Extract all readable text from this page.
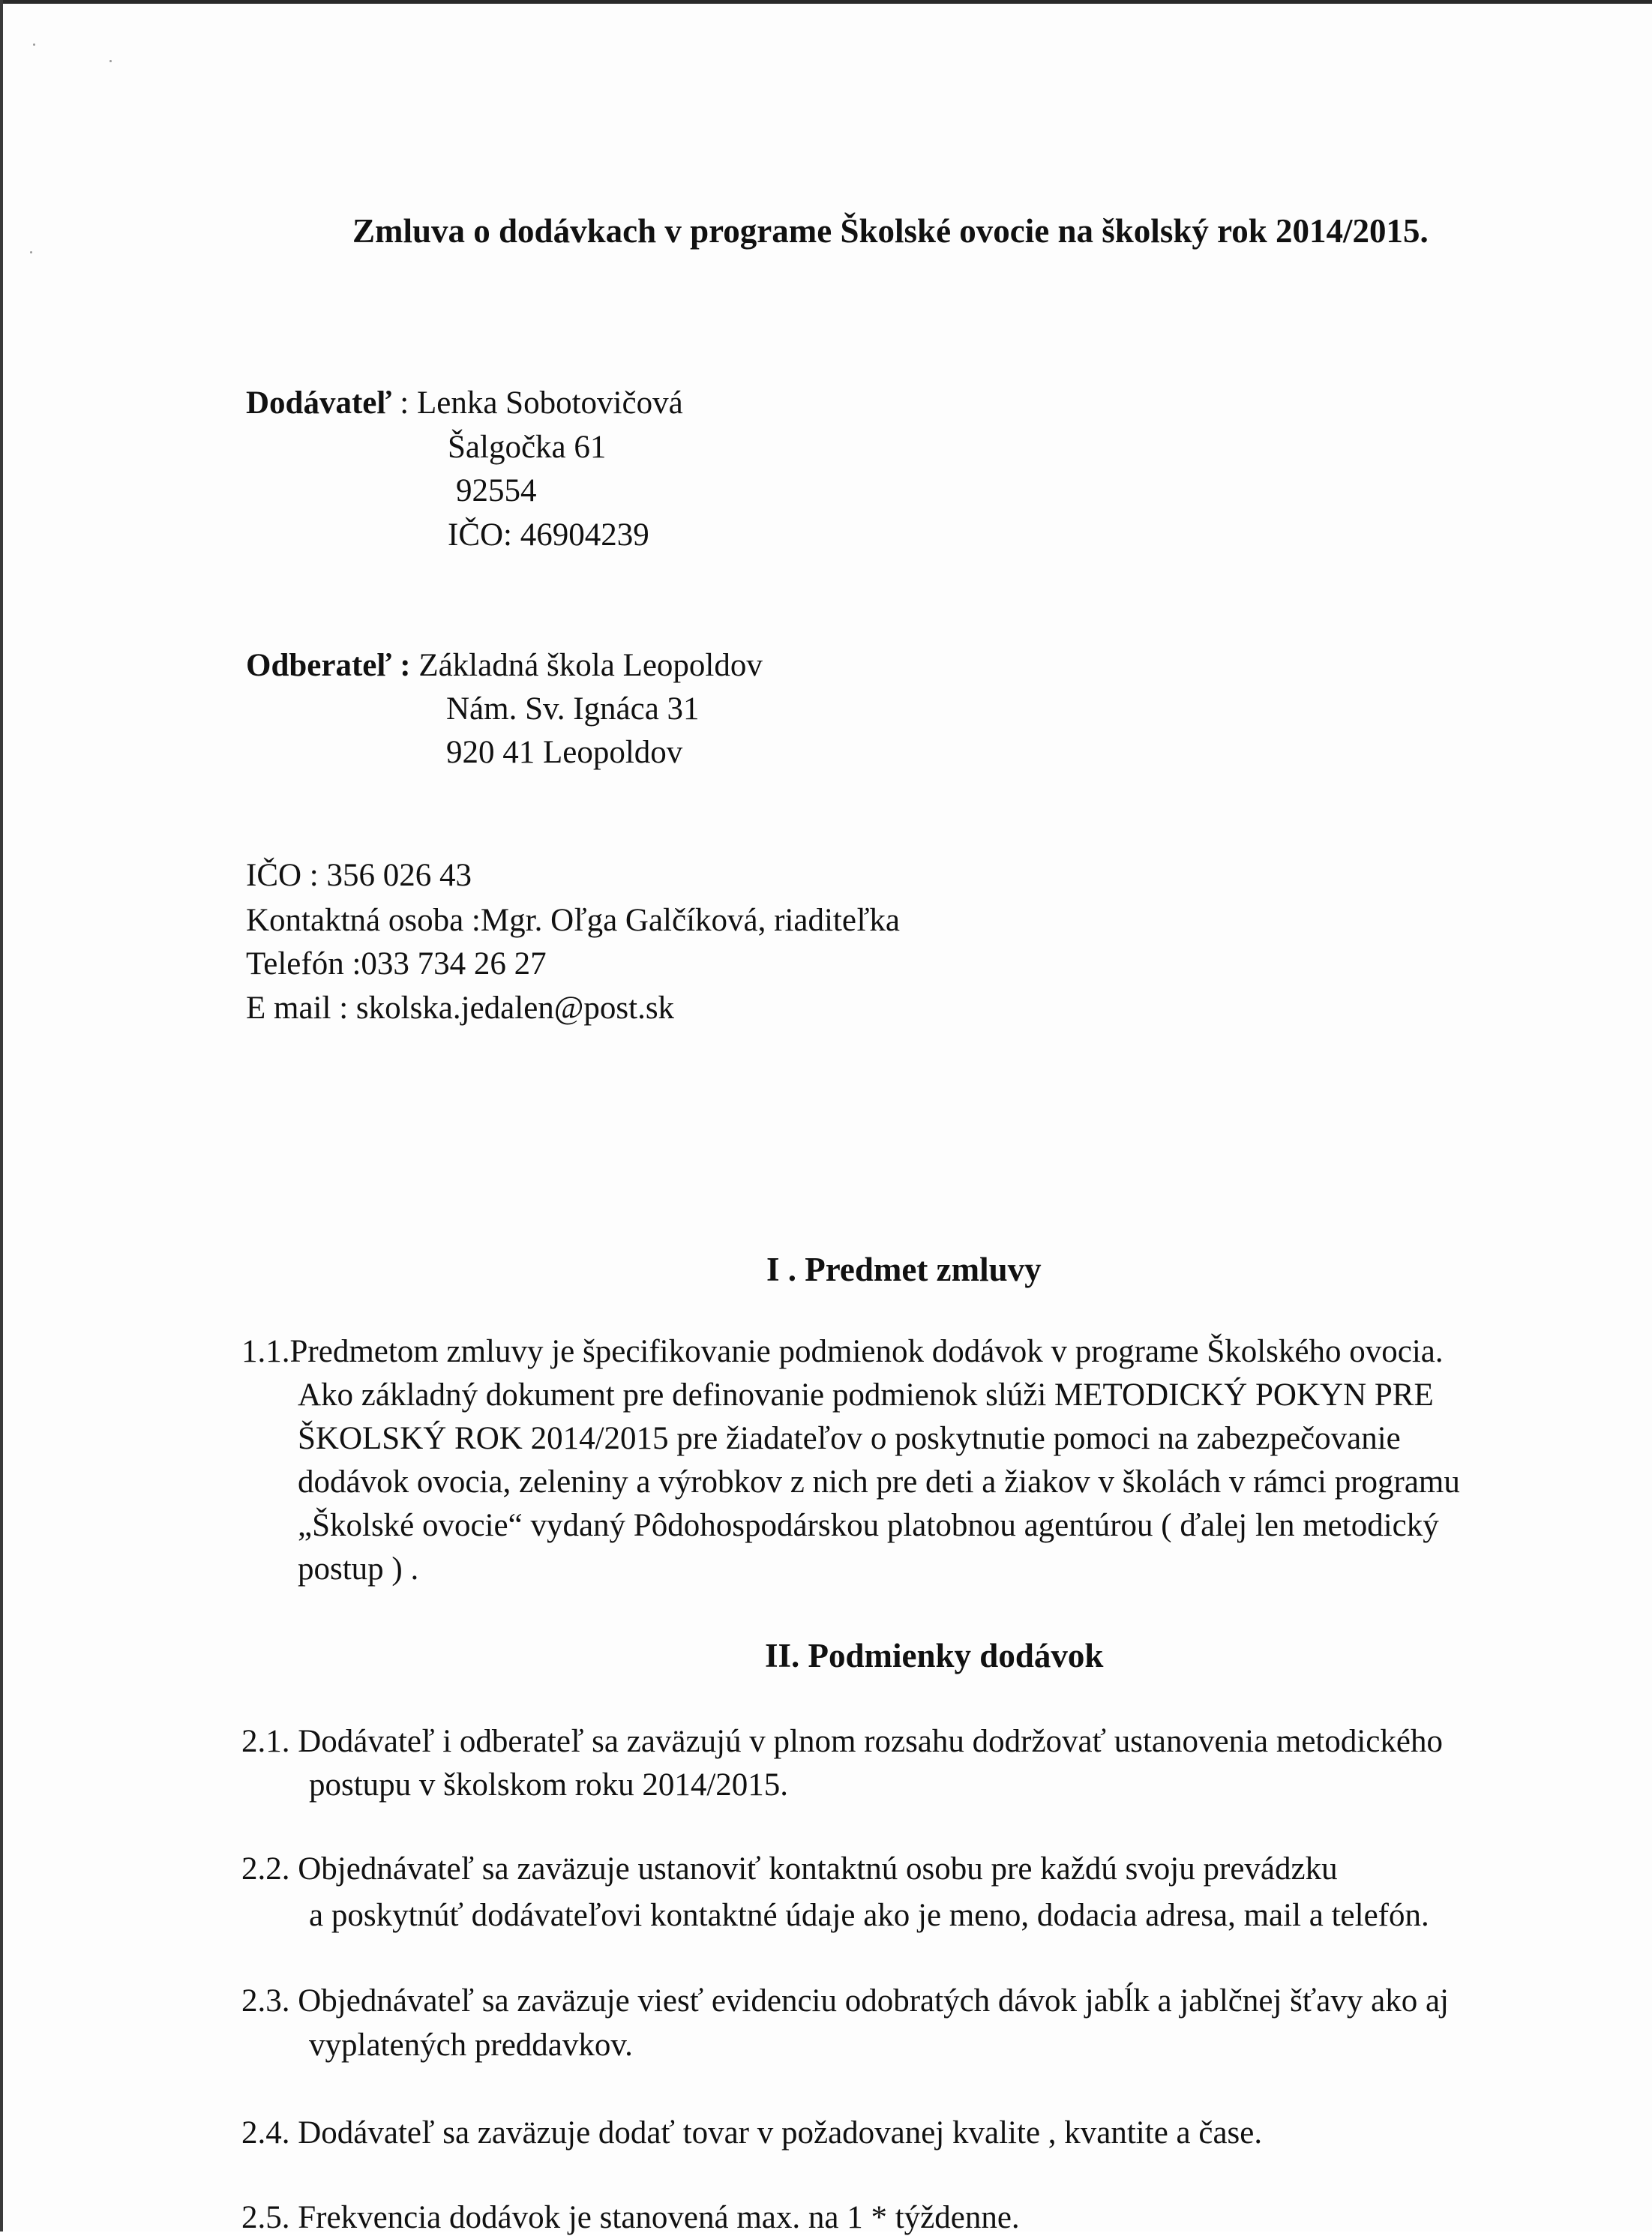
Zmluva o dodávkach v programe Školské ovocie na školský rok 2014/2015.
Dodávateľ : Lenka Sobotovičová
Šalgočka 61
92554
IČO: 46904239
Odberateľ : Základná škola Leopoldov
Nám. Sv. Ignáca 31
920 41 Leopoldov
IČO : 356 026 43
Kontaktná osoba :Mgr. Oľga Galčíková, riaditeľka
Telefón :033 734 26 27
E mail : skolska.jedalen@post.sk
I . Predmet zmluvy
1.1.Predmetom zmluvy je špecifikovanie podmienok dodávok v programe Školského ovocia.
Ako základný dokument pre definovanie podmienok slúži METODICKÝ POKYN PRE
ŠKOLSKÝ ROK 2014/2015 pre žiadateľov o poskytnutie pomoci na zabezpečovanie
dodávok ovocia, zeleniny a výrobkov z nich pre deti a žiakov v školách v rámci programu
„Školské ovocie“ vydaný Pôdohospodárskou platobnou agentúrou ( ďalej len metodický
postup ) .
II. Podmienky dodávok
2.1. Dodávateľ i odberateľ sa zaväzujú v plnom rozsahu dodržovať ustanovenia metodického
postupu v školskom roku 2014/2015.
2.2. Objednávateľ sa zaväzuje ustanoviť kontaktnú osobu pre každú svoju prevádzku
a poskytnúť dodávateľovi kontaktné údaje ako je meno, dodacia adresa, mail a telefón.
2.3. Objednávateľ sa zaväzuje viesť evidenciu odobratých dávok jabĺk a jablčnej šťavy ako aj
vyplatených preddavkov.
2.4. Dodávateľ sa zaväzuje dodať tovar v požadovanej kvalite , kvantite a čase.
2.5. Frekvencia dodávok je stanovená max. na 1 * týždenne.
